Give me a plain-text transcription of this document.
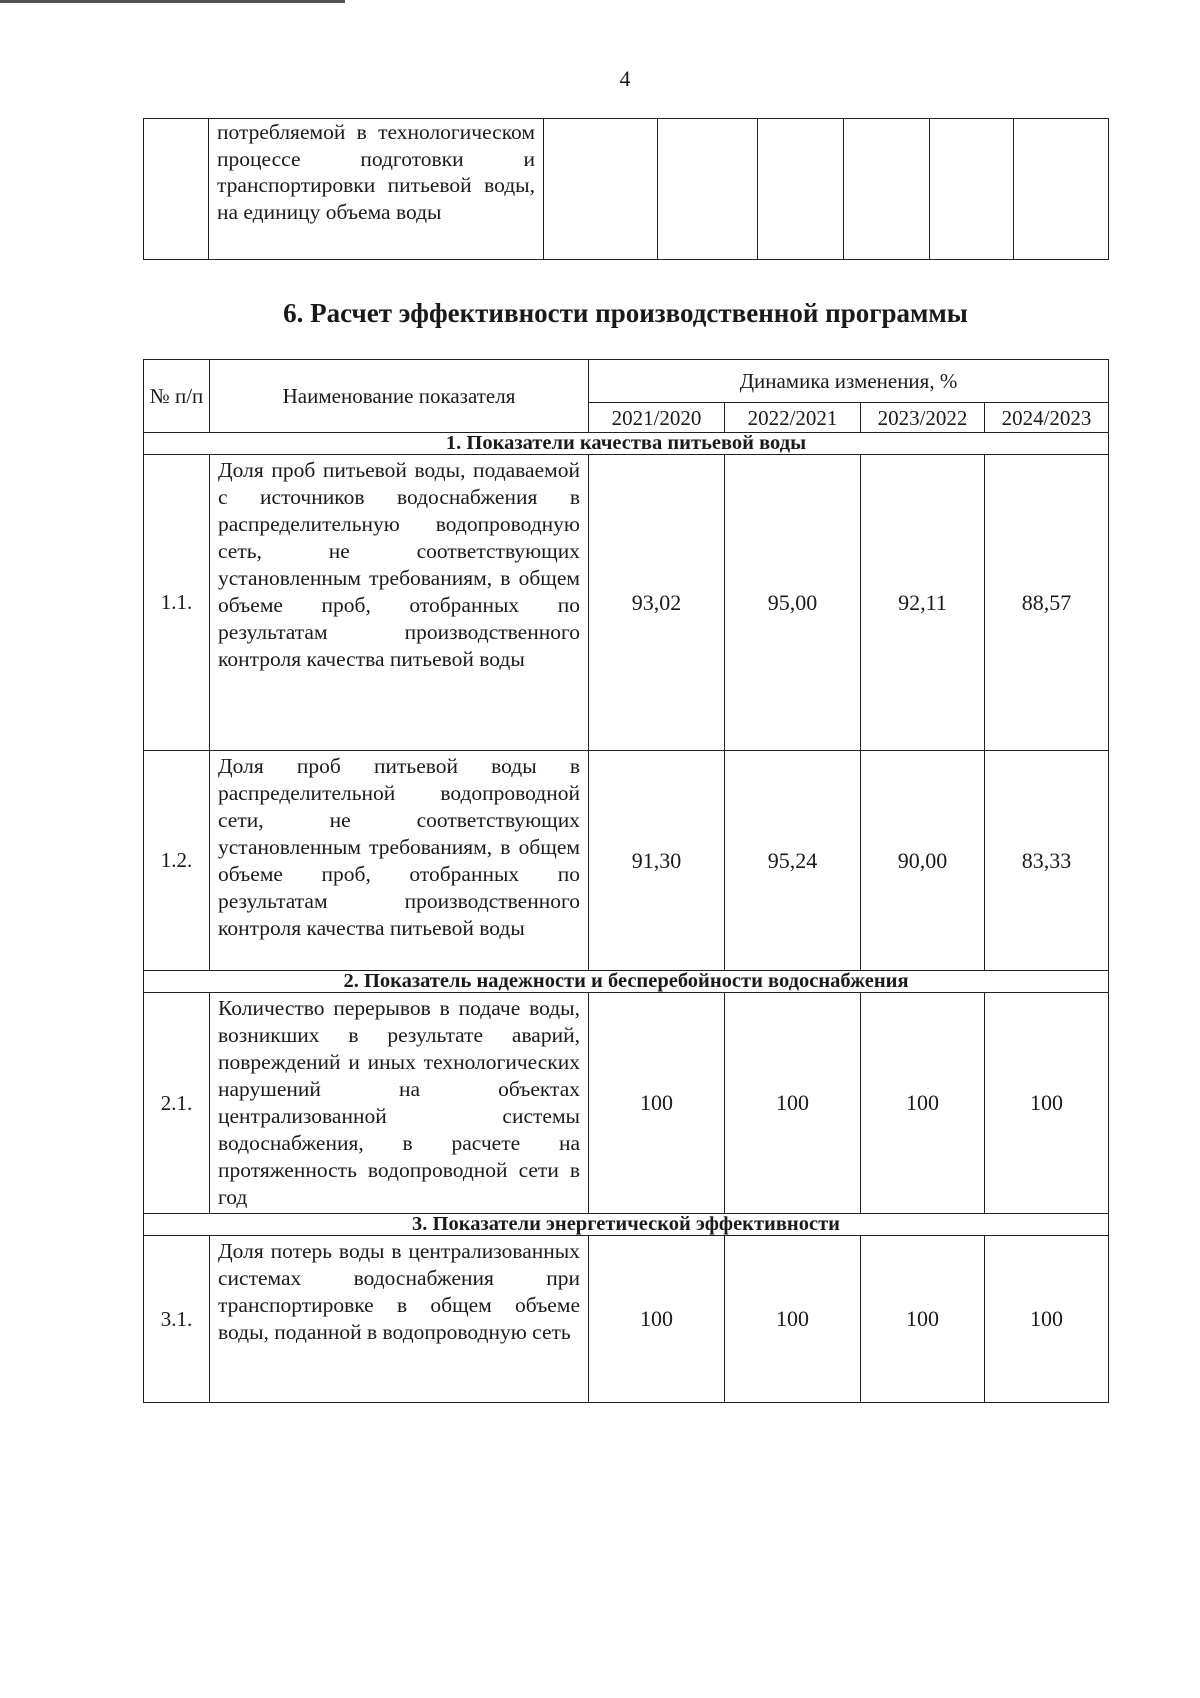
4
	потребляемой в технологическом процессе подготовки и транспортировки питьевой воды, на единицу объема воды						
6. Расчет эффективности производственной программы
№ п/п	Наименование показателя	Динамика изменения, %			
		2021/2020	2022/2021	2023/2022	2024/2023
1. Показатели качества питьевой воды					
1.1.	Доля проб питьевой воды, подаваемой с источников водоснабжения в распределительную водопроводную сеть, не соответствующих установленным требованиям, в общем объеме проб, отобранных по результатам производственного контроля качества питьевой воды	93,02	95,00	92,11	88,57
1.2.	Доля проб питьевой воды в распределительной водопроводной сети, не соответствующих установленным требованиям, в общем объеме проб, отобранных по результатам производственного контроля качества питьевой воды	91,30	95,24	90,00	83,33
2. Показатель надежности и бесперебойности водоснабжения					
2.1.	Количество перерывов в подаче воды, возникших в результате аварий, повреждений и иных технологических нарушений на объектах централизованной системы водоснабжения, в расчете на протяженность водопроводной сети в год	100	100	100	100
3. Показатели энергетической эффективности					
3.1.	Доля потерь воды в централизованных системах водоснабжения при транспортировке в общем объеме воды, поданной в водопроводную сеть	100	100	100	100
